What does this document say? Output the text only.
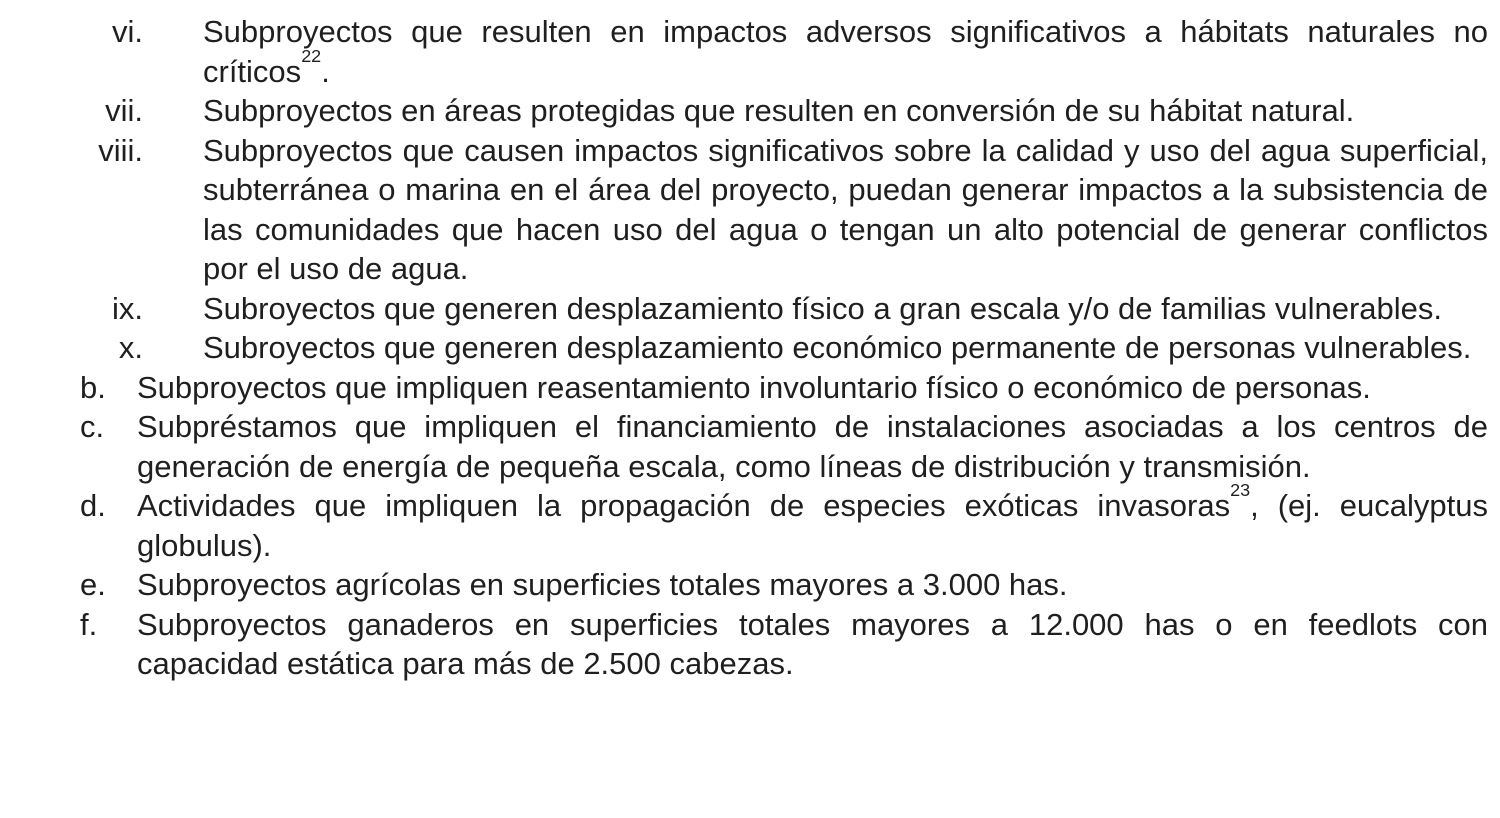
vi. Subproyectos que resulten en impactos adversos significativos a hábitats naturales no críticos$^{22}$.
vii. Subproyectos en áreas protegidas que resulten en conversión de su hábitat natural.
viii. Subproyectos que causen impactos significativos sobre la calidad y uso del agua superficial, subterránea o marina en el área del proyecto, puedan generar impactos a la subsistencia de las comunidades que hacen uso del agua o tengan un alto potencial de generar conflictos por el uso de agua.
ix. Subroyectos que generen desplazamiento físico a gran escala y/o de familias vulnerables.
x. Subroyectos que generen desplazamiento económico permanente de personas vulnerables.
b.	Subproyectos que impliquen reasentamiento involuntario físico o económico de personas.
c.	Subpréstamos que impliquen el financiamiento de instalaciones asociadas a los centros de generación de energía de pequeña escala, como líneas de distribución y transmisión.
d.	Actividades que impliquen la propagación de especies exóticas invasoras$^{23}$, (ej. eucalyptus globulus).
e.	Subproyectos agrícolas en superficies totales mayores a 3.000 has.
f.	Subproyectos ganaderos en superficies totales mayores a 12.000 has o en feedlots con capacidad estática para más de 2.500 cabezas.
